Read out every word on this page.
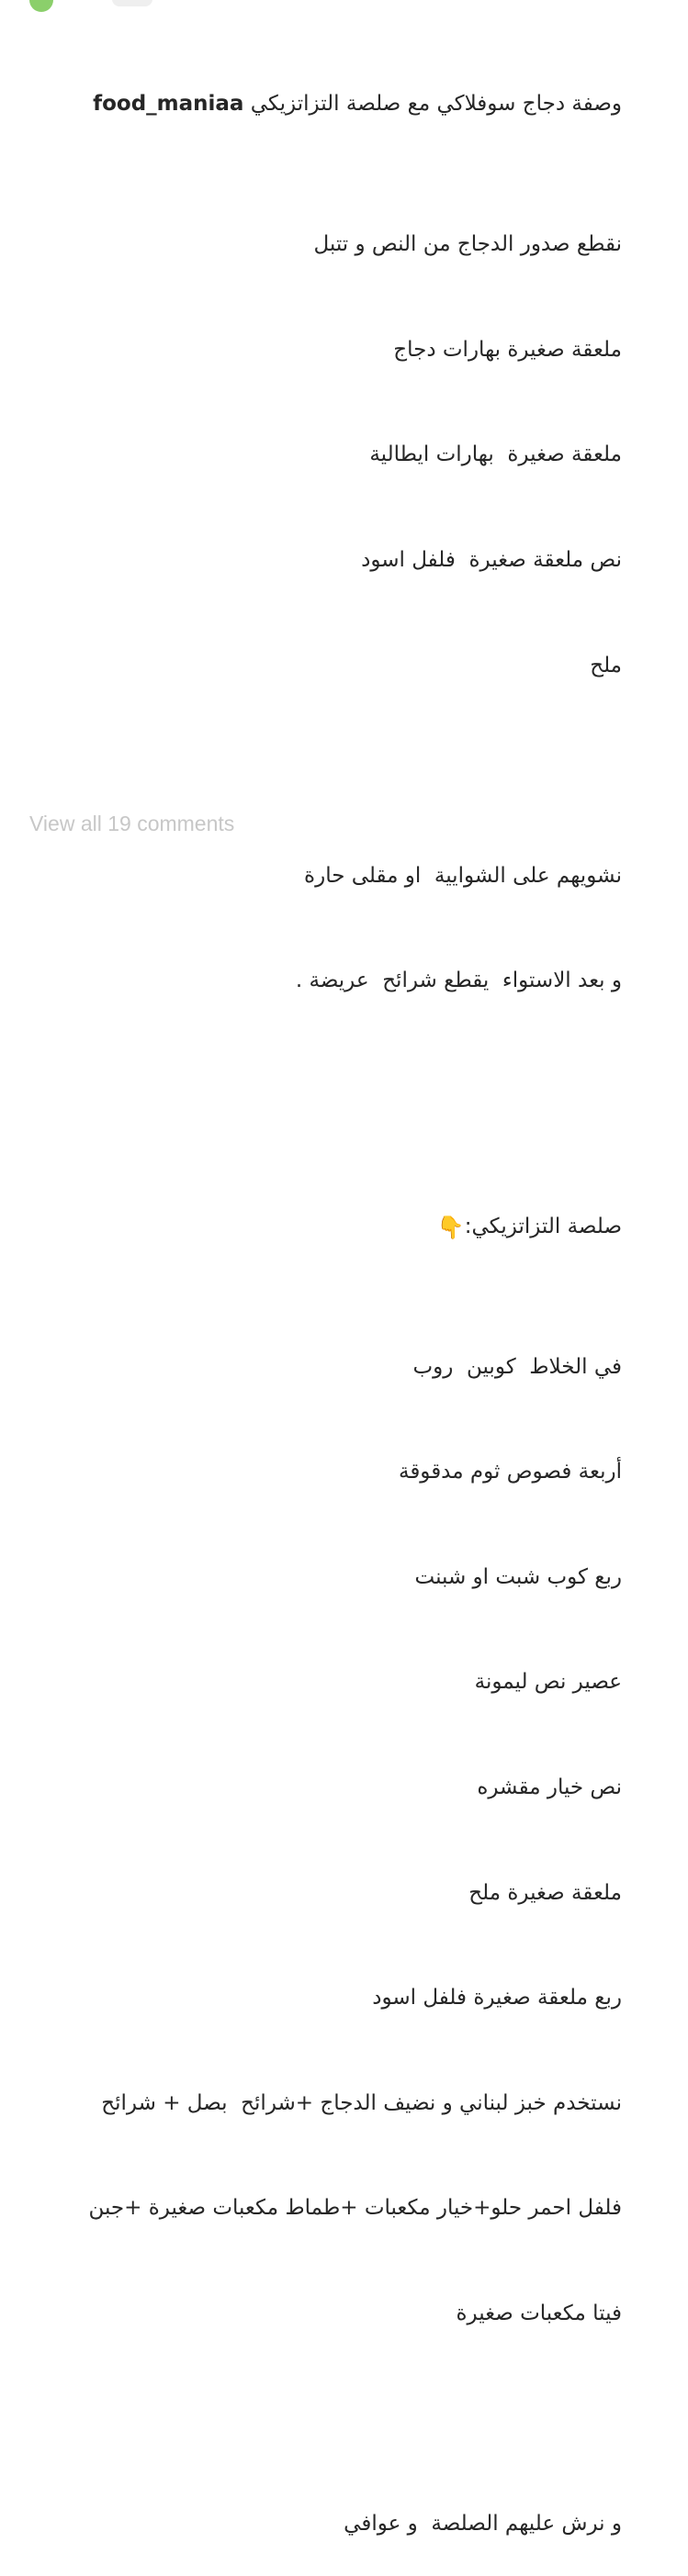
وصفة دجاج سوفلاكي مع صلصة التزاتزيكي food_maniaa

نقطع صدور الدجاج من النص و تتبل

ملعقة صغيرة بهارات دجاج

ملعقة صغيرة  بهارات ايطالية

نص ملعقة صغيرة  فلفل اسود

ملح

نشويهم على الشوايية  او مقلى حارة

و بعد الاستواء  يقطع شرائح  عريضة .

صلصة التزاتزيكي:👇

في الخلاط  كوبين  روب

أربعة فصوص ثوم مدقوقة

ربع كوب شبت او شبنت

عصير نص ليمونة

نص خيار مقشره

ملعقة صغيرة ملح

ربع ملعقة صغيرة فلفل اسود

نستخدم خبز لبناني و نضيف الدجاج +شرائح  بصل + شرائح

فلفل احمر حلو+خيار مكعبات +طماط مكعبات صغيرة +جبن

فيتا مكعبات صغيرة

و نرش عليهم الصلصة  و عوافي

View all 19 comments
